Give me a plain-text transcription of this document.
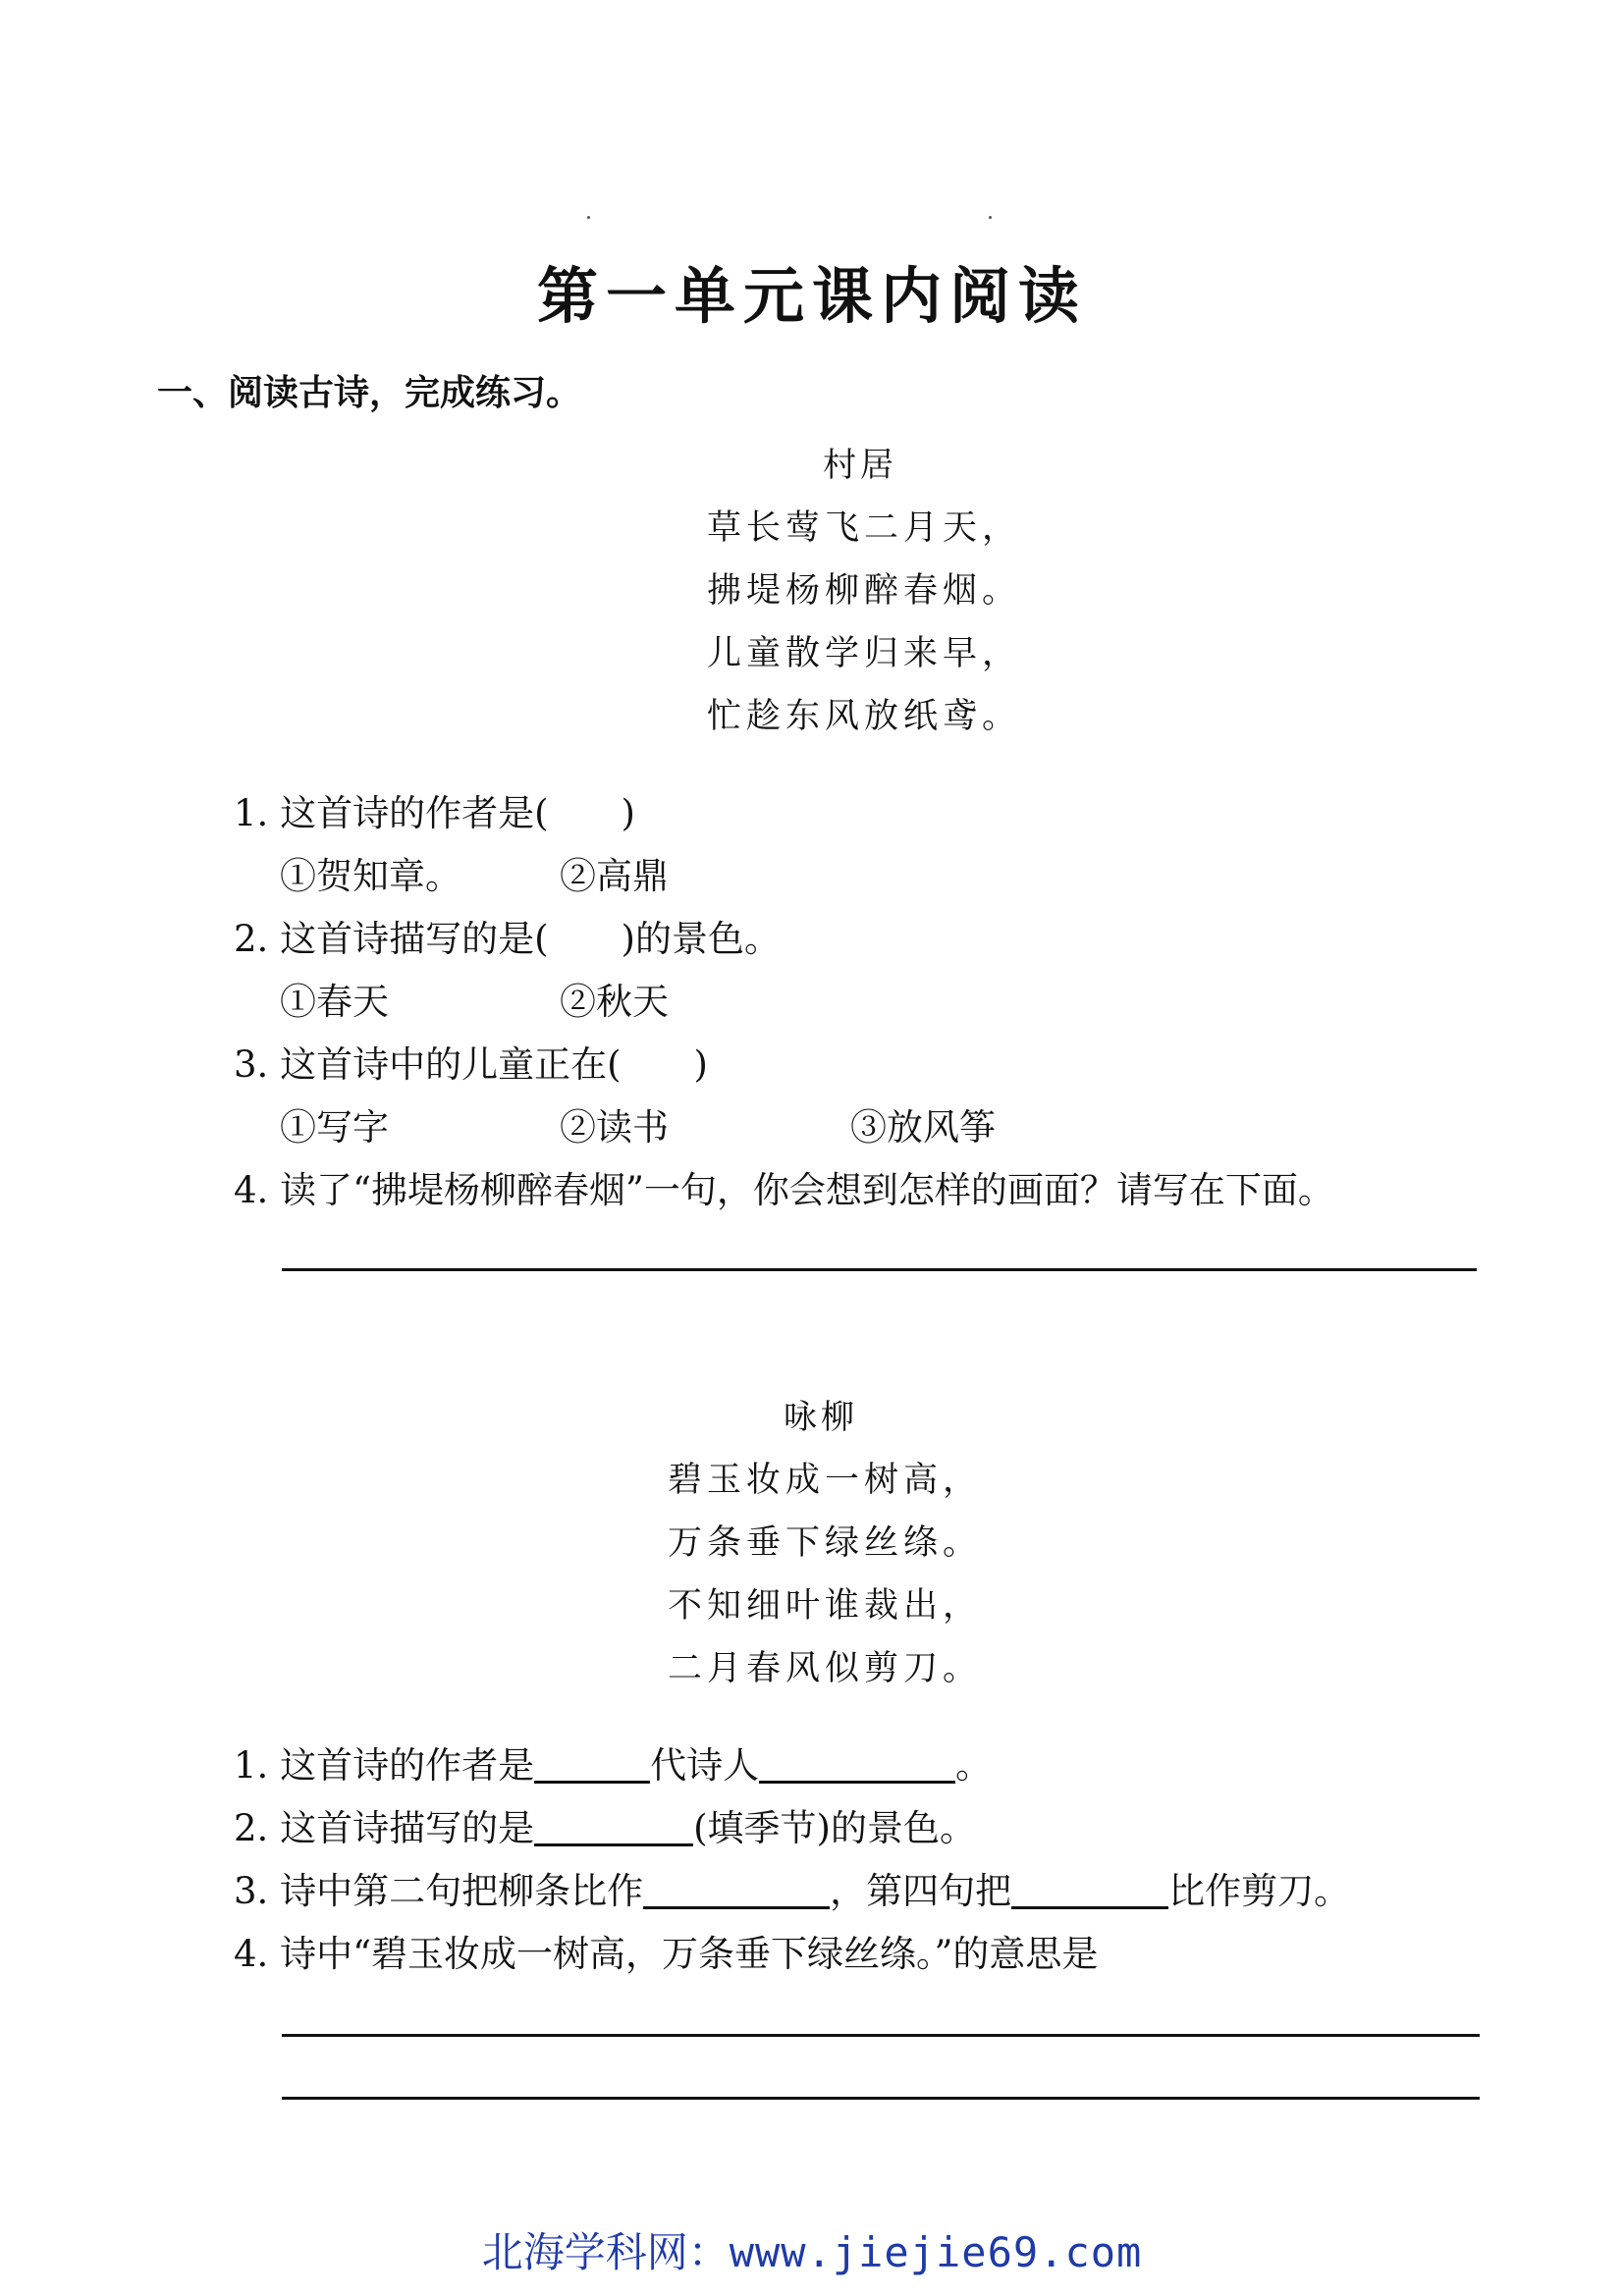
第一单元课内阅读
一、阅读古诗，完成练习。
村居
草长莺飞二月天，
拂堤杨柳醉春烟。
儿童散学归来早，
忙趁东风放纸鸢。
1. 这首诗的作者是(　　)
①贺知章。	②高鼎
2. 这首诗描写的是(　　)的景色。
①春天	②秋天
3. 这首诗中的儿童正在(　　)
①写字	②读书	③放风筝
4. 读了“拂堤杨柳醉春烟”一句，你会想到怎样的画面？请写在下面。
咏柳
碧玉妆成一树高，
万条垂下绿丝绦。
不知细叶谁裁出，
二月春风似剪刀。
1. 这首诗的作者是	代诗人	。
2. 这首诗描写的是	(填季节)的景色。
3. 诗中第二句把柳条比作	，第四句把	比作剪刀。
4. 诗中“碧玉妆成一树高，万条垂下绿丝绦。”的意思是
北海学科网：www.jiejie69.com
